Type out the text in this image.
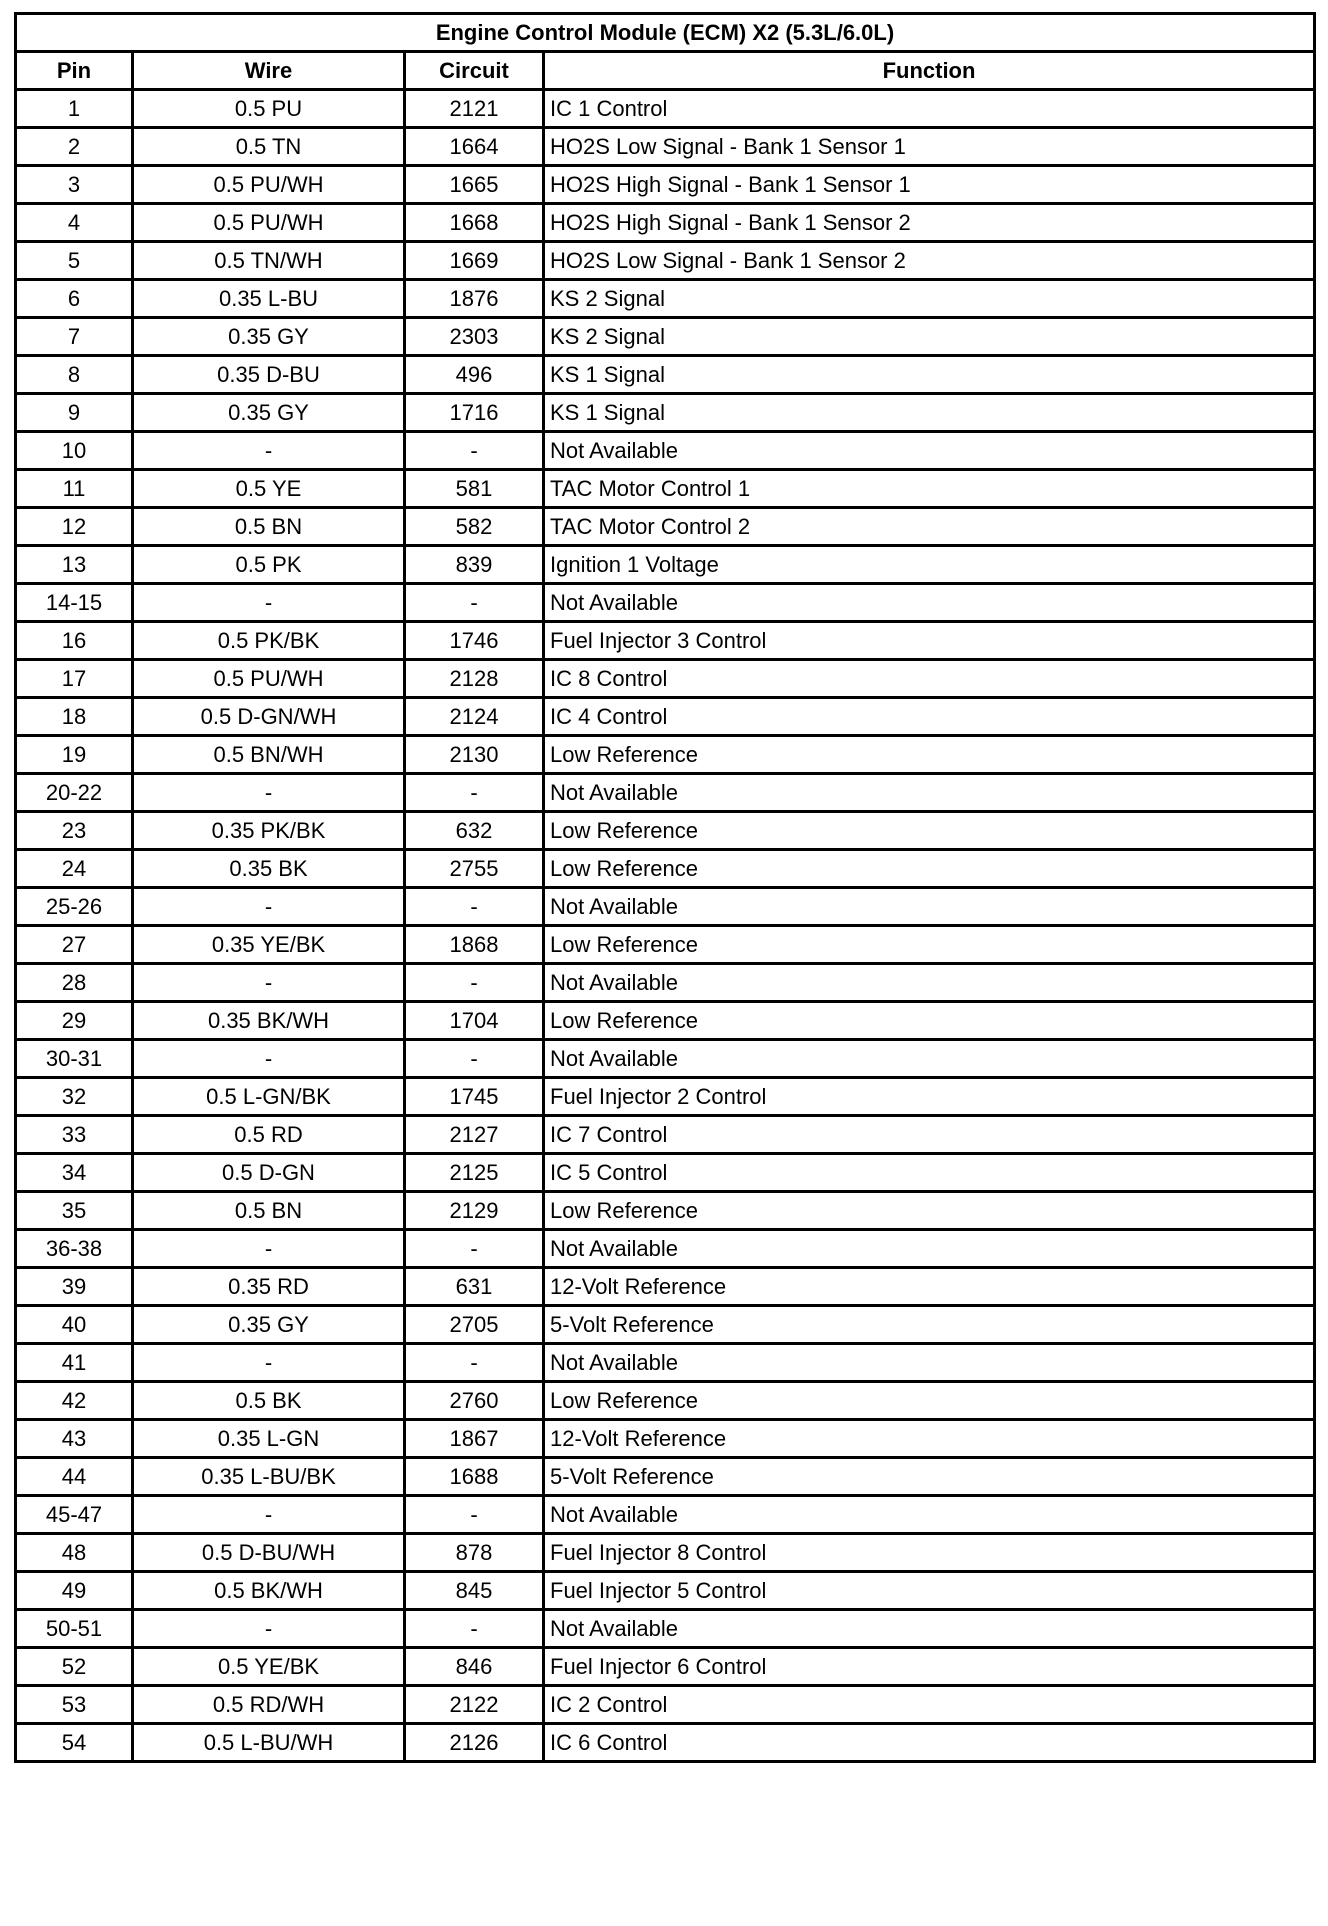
Engine Control Module (ECM) X2 (5.3L/6.0L)			
Pin	Wire	Circuit	Function
1	0.5 PU	2121	IC 1 Control
2	0.5 TN	1664	HO2S Low Signal - Bank 1 Sensor 1
3	0.5 PU/WH	1665	HO2S High Signal - Bank 1 Sensor 1
4	0.5 PU/WH	1668	HO2S High Signal - Bank 1 Sensor 2
5	0.5 TN/WH	1669	HO2S Low Signal - Bank 1 Sensor 2
6	0.35 L-BU	1876	KS 2 Signal
7	0.35 GY	2303	KS 2 Signal
8	0.35 D-BU	496	KS 1 Signal
9	0.35 GY	1716	KS 1 Signal
10	-	-	Not Available
11	0.5 YE	581	TAC Motor Control 1
12	0.5 BN	582	TAC Motor Control 2
13	0.5 PK	839	Ignition 1 Voltage
14-15	-	-	Not Available
16	0.5 PK/BK	1746	Fuel Injector 3 Control
17	0.5 PU/WH	2128	IC 8 Control
18	0.5 D-GN/WH	2124	IC 4 Control
19	0.5 BN/WH	2130	Low Reference
20-22	-	-	Not Available
23	0.35 PK/BK	632	Low Reference
24	0.35 BK	2755	Low Reference
25-26	-	-	Not Available
27	0.35 YE/BK	1868	Low Reference
28	-	-	Not Available
29	0.35 BK/WH	1704	Low Reference
30-31	-	-	Not Available
32	0.5 L-GN/BK	1745	Fuel Injector 2 Control
33	0.5 RD	2127	IC 7 Control
34	0.5 D-GN	2125	IC 5 Control
35	0.5 BN	2129	Low Reference
36-38	-	-	Not Available
39	0.35 RD	631	12-Volt Reference
40	0.35 GY	2705	5-Volt Reference
41	-	-	Not Available
42	0.5 BK	2760	Low Reference
43	0.35 L-GN	1867	12-Volt Reference
44	0.35 L-BU/BK	1688	5-Volt Reference
45-47	-	-	Not Available
48	0.5 D-BU/WH	878	Fuel Injector 8 Control
49	0.5 BK/WH	845	Fuel Injector 5 Control
50-51	-	-	Not Available
52	0.5 YE/BK	846	Fuel Injector 6 Control
53	0.5 RD/WH	2122	IC 2 Control
54	0.5 L-BU/WH	2126	IC 6 Control
